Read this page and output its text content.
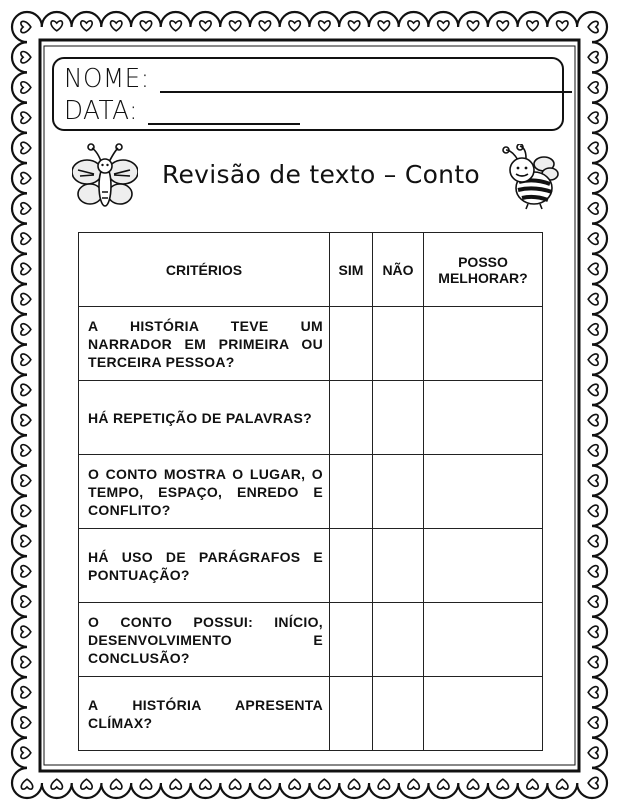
NOME:
DATA:
Revisão de texto – Conto
CRITÉRIOS	SIM	NÃO	POSSO MELHORAR?
A HISTÓRIA TEVE UM NARRADOR EM PRIMEIRA OU TERCEIRA PESSOA?			
HÁ REPETIÇÃO DE PALAVRAS?			
O CONTO MOSTRA O LUGAR, O TEMPO, ESPAÇO, ENREDO E CONFLITO?			
HÁ USO DE PARÁGRAFOS E PONTUAÇÃO?			
O CONTO POSSUI: INÍCIO, DESENVOLVIMENTO E CONCLUSÃO?			
A HISTÓRIA APRESENTA CLÍMAX?			
